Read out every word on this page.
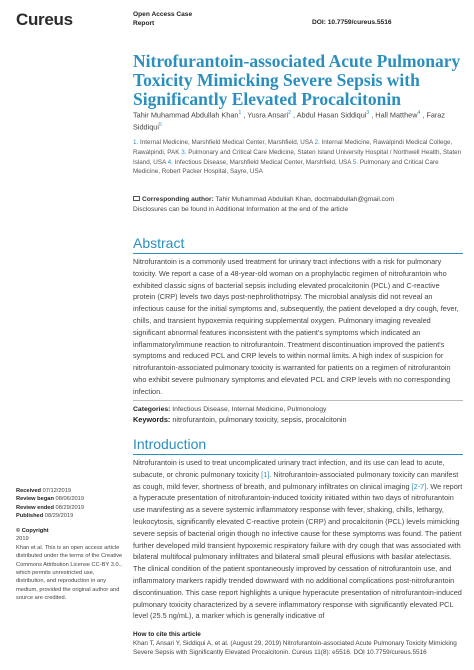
Cureus	Open Access Case
Report	DOI: 10.7759/cureus.5516
Nitrofurantoin-associated Acute Pulmonary Toxicity Mimicking Severe Sepsis with Significantly Elevated Procalcitonin
Tahir Muhammad Abdullah Khan$^1$ , Yusra Ansari$^2$ , Abdul Hasan Siddiqui$^3$ , Hall Matthew$^4$ , Faraz Siddiqui$^5$
1. Internal Medicine, Marshfield Medical Center, Marshfield, USA 2. Internal Medicine, Rawalpindi Medical College, Rawalpindi, PAK 3. Pulmonary and Critical Care Medicine, Staten Island University Hospital / Northwell Health, Staten Island, USA 4. Infectious Disease, Marshfield Medical Center, Marshfield, USA 5. Pulmonary and Critical Care Medicine, Robert Packer Hospital, Sayre, USA
Corresponding author: Tahir Muhammad Abdullah Khan, doctmabdullah@gmail.com
Disclosures can be found in Additional Information at the end of the article
Abstract

Nitrofurantoin is a commonly used treatment for urinary tract infections with a risk for pulmonary toxicity. We report a case of a 48-year-old woman on a prophylactic regimen of nitrofurantoin who exhibited classic signs of bacterial sepsis including elevated procalcitonin (PCL) and C-reactive protein (CRP) levels two days post-nephrolithotripsy. The microbial analysis did not reveal an infectious cause for the initial symptoms and, subsequently, the patient developed a dry cough, fever, chills, and transient hypoxemia requiring supplemental oxygen. Pulmonary imaging revealed significant abnormal features inconsistent with the patient's symptoms which indicated an inflammatory/immune reaction to nitrofurantoin. Treatment discontinuation improved the patient's symptoms and reduced PCL and CRP levels to within normal limits. A high index of suspicion for nitrofurantoin-associated pulmonary toxicity is warranted for patients on a regimen of nitrofurantoin who exhibit severe pulmonary symptoms and elevated PCL and CRP levels with no corresponding infection.

Categories: Infectious Disease, Internal Medicine, Pulmonology
Keywords: nitrofurantoin, pulmonary toxicity, sepsis, procalcitonin
Introduction

Nitrofurantoin is used to treat uncomplicated urinary tract infection, and its use can lead to acute, subacute, or chronic pulmonary toxicity [1]. Nitrofurantoin-associated pulmonary toxicity can manifest as cough, mild fever, shortness of breath, and pulmonary infiltrates on clinical imaging [2-7]. We report a hyperacute presentation of nitrofurantoin-induced toxicity initiated within two days of nitrofurantoin use manifesting as a severe systemic inflammatory response with fever, shaking, chills, lethargy, leukocytosis, significantly elevated C-reactive protein (CRP) and procalcitonin (PCL) levels mimicking severe sepsis of bacterial origin though no infective cause for these symptoms was found. The patient further developed mild transient hypoxemic respiratory failure with dry cough that was associated with bilateral multifocal pulmonary infiltrates and bilateral small pleural effusions with basilar atelectasis. The clinical condition of the patient spontaneously improved by cessation of nitrofurantoin use, and inflammatory markers rapidly trended downward with no additional complications post-nitrofurantoin discontinuation. This case report highlights a unique hyperacute presentation of nitrofurantoin-induced pulmonary toxicity characterized by a severe inflammatory response with significantly elevated PCL level (25.5 ng/mL), a marker which is generally indicative of

Received 07/12/2019
Review began 08/06/2019
Review ended 08/29/2019
Published 08/29/2019
© Copyright
2019
Khan et al. This is an open access article distributed under the terms of the Creative Commons Attribution License CC-BY 3.0., which permits unrestricted use, distribution, and reproduction in any medium, provided the original author and source are credited.
How to cite this article
Khan T, Ansari Y, Siddiqui A, et al. (August 29, 2019) Nitrofurantoin-associated Acute Pulmonary Toxicity Mimicking Severe Sepsis with Significantly Elevated Procalcitonin. Cureus 11(8): e5516. DOI 10.7759/cureus.5516
